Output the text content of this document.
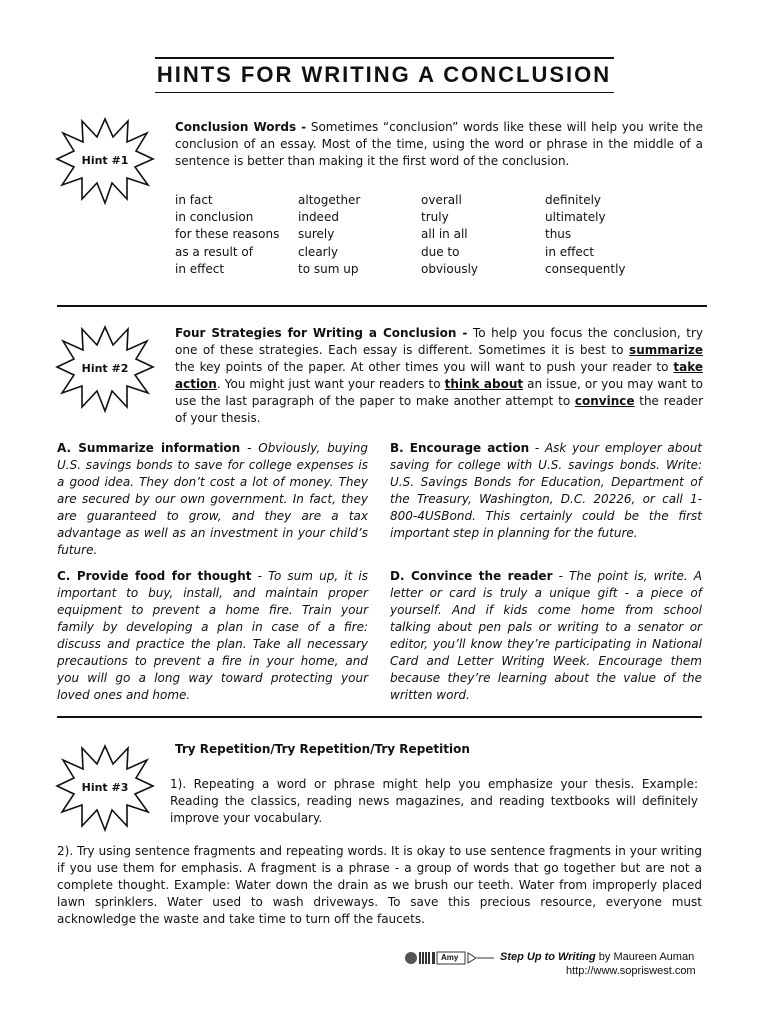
HINTS FOR WRITING A CONCLUSION
Hint #1
Conclusion Words - Sometimes “conclusion” words like these will help you write the conclusion of an essay. Most of the time, using the word or phrase in the middle of a sentence is better than making it the first word of the conclusion.
in fact
in conclusion
for these reasons
as a result of
in effect
altogether
indeed
surely
clearly
to sum up
overall
truly
all in all
due to
obviously
definitely
ultimately
thus
in effect
consequently
Hint #2
Four Strategies for Writing a Conclusion - To help you focus the conclusion, try one of these strategies. Each essay is different. Sometimes it is best to summarize the key points of the paper. At other times you will want to push your reader to take action. You might just want your readers to think about an issue, or you may want to use the last paragraph of the paper to make another attempt to convince the reader of your thesis.
A. Summarize information - Obviously, buying U.S. savings bonds to save for college expenses is a good idea. They don’t cost a lot of money. They are secured by our own government. In fact, they are guaranteed to grow, and they are a tax advantage as well as an investment in your child’s future.
B. Encourage action - Ask your employer about saving for college with U.S. savings bonds. Write: U.S. Savings Bonds for Education, Department of the Treasury, Washington, D.C. 20226, or call 1-800-4USBond. This certainly could be the first important step in planning for the future.
C. Provide food for thought - To sum up, it is important to buy, install, and maintain proper equipment to prevent a home fire. Train your family by developing a plan in case of a fire: discuss and practice the plan. Take all necessary precautions to prevent a fire in your home, and you will go a long way toward protecting your loved ones and home.
D. Convince the reader - The point is, write. A letter or card is truly a unique gift - a piece of yourself. And if kids come home from school talking about pen pals or writing to a senator or editor, you’ll know they’re participating in National Card and Letter Writing Week. Encourage them because they’re learning about the value of the written word.
Hint #3
Try Repetition/Try Repetition/Try Repetition
1). Repeating a word or phrase might help you emphasize your thesis. Example: Reading the classics, reading news magazines, and reading textbooks will definitely improve your vocabulary.
2). Try using sentence fragments and repeating words. It is okay to use sentence fragments in your writing if you use them for emphasis. A fragment is a phrase - a group of words that go together but are not a complete thought. Example: Water down the drain as we brush our teeth. Water from improperly placed lawn sprinklers. Water used to wash driveways. To save this precious resource, everyone must acknowledge the waste and take time to turn off the faucets.
Amy	Step Up to Writing by Maureen Auman
http://www.sopriswest.com
